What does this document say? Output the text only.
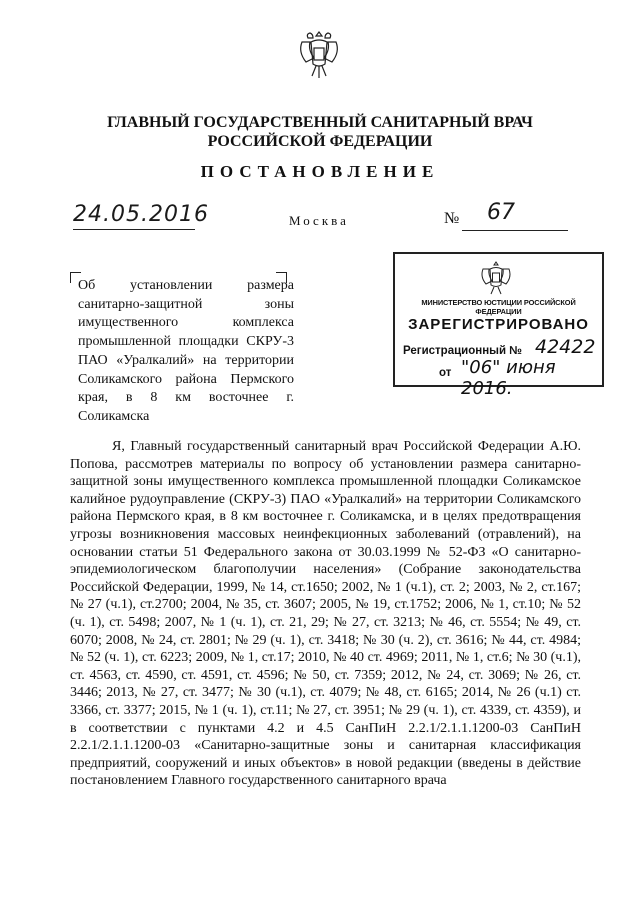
ГЛАВНЫЙ ГОСУДАРСТВЕННЫЙ САНИТАРНЫЙ ВРАЧ
РОССИЙСКОЙ ФЕДЕРАЦИИ
ПОСТАНОВЛЕНИЕ
24.05.2016	Москва	№ 67
Об установлении размера санитарно-защитной зоны имущественного комплекса промышленной площадки СКРУ-3 ПАО «Уралкалий» на территории Соликамского района Пермского края, в 8 км восточнее г. Соликамска
МИНИСТЕРСТВО ЮСТИЦИИ РОССИЙСКОЙ ФЕДЕРАЦИИ
ЗАРЕГИСТРИРОВАНО
Регистрационный № 42422
от "06" июня 2016.

Я, Главный государственный санитарный врач Российской Федерации А.Ю. Попова, рассмотрев материалы по вопросу об установлении размера санитарно-защитной зоны имущественного комплекса промышленной площадки Соликамское калийное рудоуправление (СКРУ-3) ПАО «Уралкалий» на территории Соликамского района Пермского края, в 8 км восточнее г. Соликамска, и в целях предотвращения угрозы возникновения массовых неинфекционных заболеваний (отравлений), на основании статьи 51 Федерального закона от 30.03.1999 № 52-ФЗ «О санитарно-эпидемиологическом благополучии населения» (Собрание законодательства Российской Федерации, 1999, № 14, ст.1650; 2002, № 1 (ч.1), ст. 2; 2003, № 2, ст.167; № 27 (ч.1), ст.2700; 2004, № 35, ст. 3607; 2005, № 19, ст.1752; 2006, № 1, ст.10; № 52 (ч. 1), ст. 5498; 2007, № 1 (ч. 1), ст. 21, 29; № 27, ст. 3213; № 46, ст. 5554; № 49, ст. 6070; 2008, № 24, ст. 2801; № 29 (ч. 1), ст. 3418; № 30 (ч. 2), ст. 3616; № 44, ст. 4984; № 52 (ч. 1), ст. 6223; 2009, № 1, ст.17; 2010, № 40 ст. 4969; 2011, № 1, ст.6; № 30 (ч.1), ст. 4563, ст. 4590, ст. 4591, ст. 4596; № 50, ст. 7359; 2012, № 24, ст. 3069; № 26, ст. 3446; 2013, № 27, ст. 3477; № 30 (ч.1), ст. 4079; № 48, ст. 6165; 2014, № 26 (ч.1) ст. 3366, ст. 3377; 2015, № 1 (ч. 1), ст.11; № 27, ст. 3951; № 29 (ч. 1), ст. 4339, ст. 4359), и в соответствии с пунктами 4.2 и 4.5 СанПиН 2.2.1/2.1.1.1200-03 СанПиН 2.2.1/2.1.1.1200-03 «Санитарно-защитные зоны и санитарная классификация предприятий, сооружений и иных объектов» в новой редакции (введены в действие постановлением Главного государственного санитарного врача
